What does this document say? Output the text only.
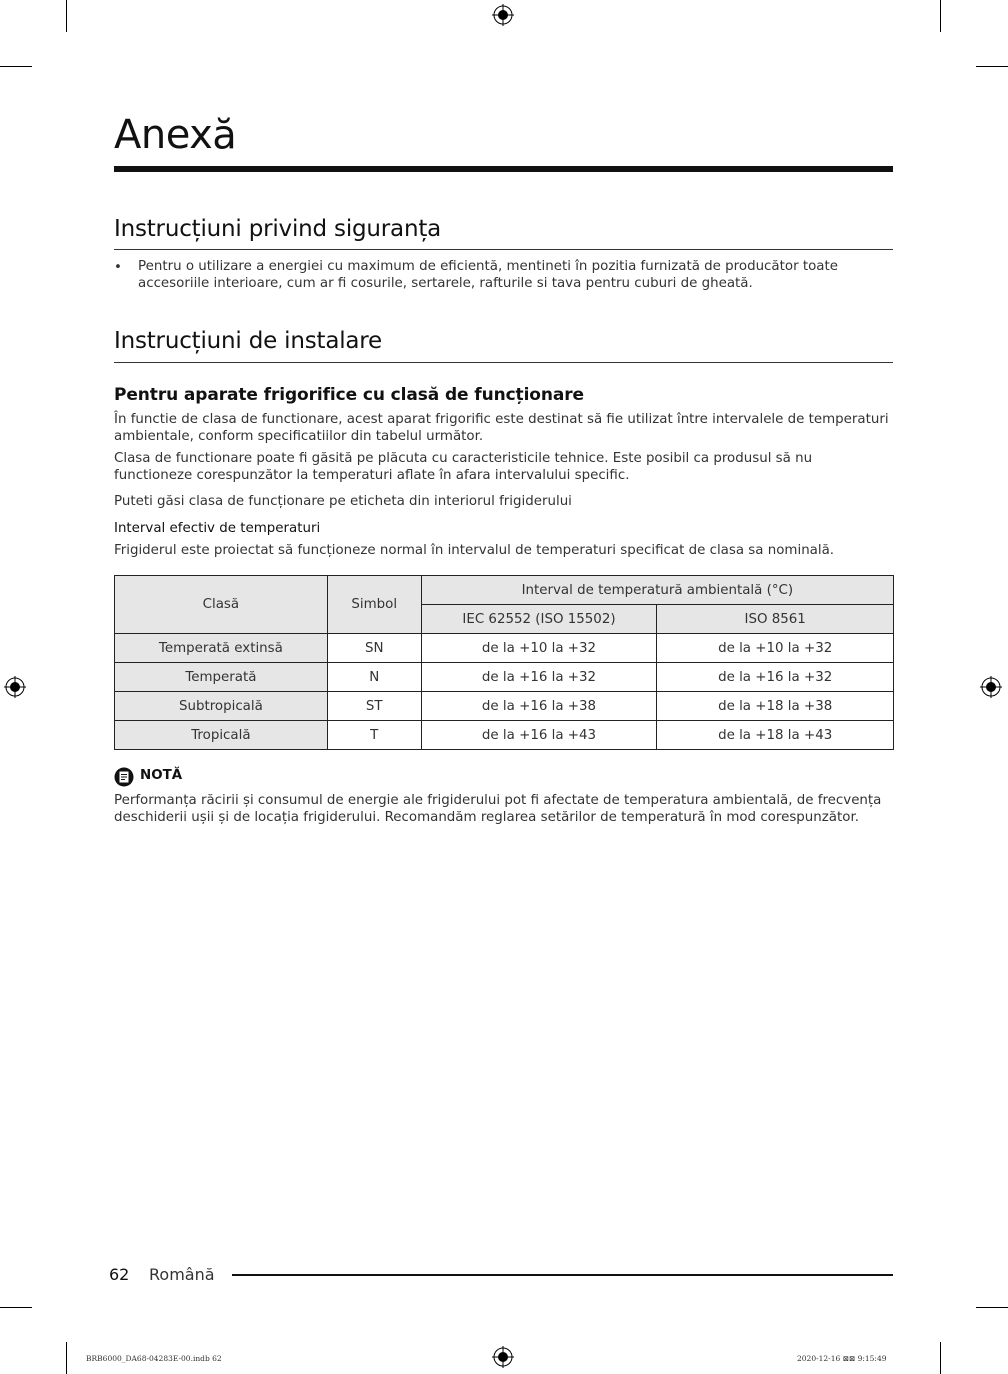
Anexă
Instrucțiuni privind siguranța
• Pentru o utilizare a energiei cu maximum de eficientă, mentineti în pozitia furnizată de producător toate accesoriile interioare, cum ar fi cosurile, sertarele, rafturile si tava pentru cuburi de gheată.

Instrucțiuni de instalare
Pentru aparate frigorifice cu clasă de funcționare

În functie de clasa de functionare, acest aparat frigorific este destinat să fie utilizat între intervalele de temperaturi ambientale, conform specificatiilor din tabelul următor.

Clasa de functionare poate fi găsită pe plăcuta cu caracteristicile tehnice. Este posibil ca produsul să nu functioneze corespunzător la temperaturi aflate în afara intervalului specific.

Puteti găsi clasa de funcționare pe eticheta din interiorul frigiderului

Interval efectiv de temperaturi

Frigiderul este proiectat să funcționeze normal în intervalul de temperaturi specificat de clasa sa nominală.

Clasă	Simbol	Interval de temperatură ambientală (°C)	
		IEC 62552 (ISO 15502)	ISO 8561
Temperată extinsă	SN	de la +10 la +32	de la +10 la +32
Temperată	N	de la +16 la +32	de la +16 la +32
Subtropicală	ST	de la +16 la +38	de la +18 la +38
Tropicală	T	de la +16 la +43	de la +18 la +43
NOTĂ

Performanța răcirii și consumul de energie ale frigiderului pot fi afectate de temperatura ambientală, de frecvența deschiderii ușii și de locația frigiderului. Recomandăm reglarea setărilor de temperatură în mod corespunzător.

62 Română
BRB6000_DA68-04283E-00.indb 62	2020-12-16 ⊠⊠ 9:15:49
